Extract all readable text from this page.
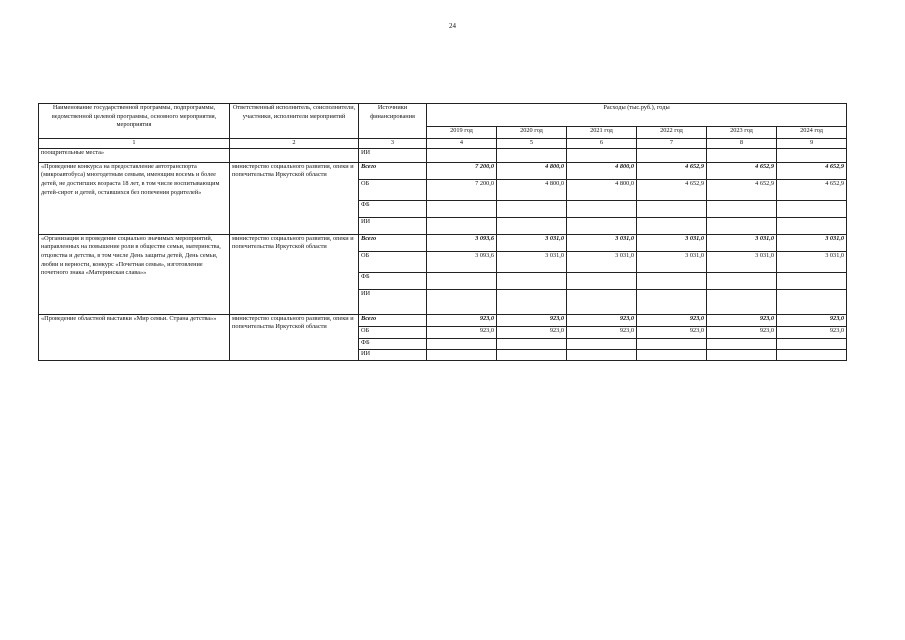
24
Наименование государственной программы, подпрограммы, ведомственной целевой программы, основного мероприятия, мероприятия	Ответственный исполнитель, соисполнители, участники, исполнители мероприятий	Источники финансирования	Расходы (тыс.руб.), годы					
			2019 год	2020 год	2021 год	2022 год	2023 год	2024 год
1	2	3	4	5	6	7	8	9
поощрительные места»		ИИ						
«Проведение конкурса на предоставление автотранспорта (микроавтобуса) многодетным семьям, имеющим восемь и более детей, не достигших возраста 18 лет, в том числе воспитывающим детей-сирот и детей, оставшихся без попечения родителей»	министерство социального развития, опеки и попечительства Иркутской области	Всего	7 200,0	4 800,0	4 800,0	4 652,9	4 652,9	4 652,9
		ОБ	7 200,0	4 800,0	4 800,0	4 652,9	4 652,9	4 652,9
		ФБ						
		ИИ						
«Организация и проведение социально значимых мероприятий, направленных на повышение роли в обществе семьи, материнства, отцовства и детства, в том числе День защиты детей, День семьи, любви и верности, конкурс «Почетная семья», изготовление почетного знака «Материнская слава»»	министерство социального развития, опеки и попечительства Иркутской области	Всего	3 093,6	3 031,0	3 031,0	3 031,0	3 031,0	3 031,0
		ОБ	3 093,6	3 031,0	3 031,0	3 031,0	3 031,0	3 031,0
		ФБ						
		ИИ						
«Проведение областной выставки «Мир семьи. Страна детства»»	министерство социального развития, опеки и попечительства Иркутской области	Всего	923,0	923,0	923,0	923,0	923,0	923,0
		ОБ	923,0	923,0	923,0	923,0	923,0	923,0
		ФБ						
		ИИ						
